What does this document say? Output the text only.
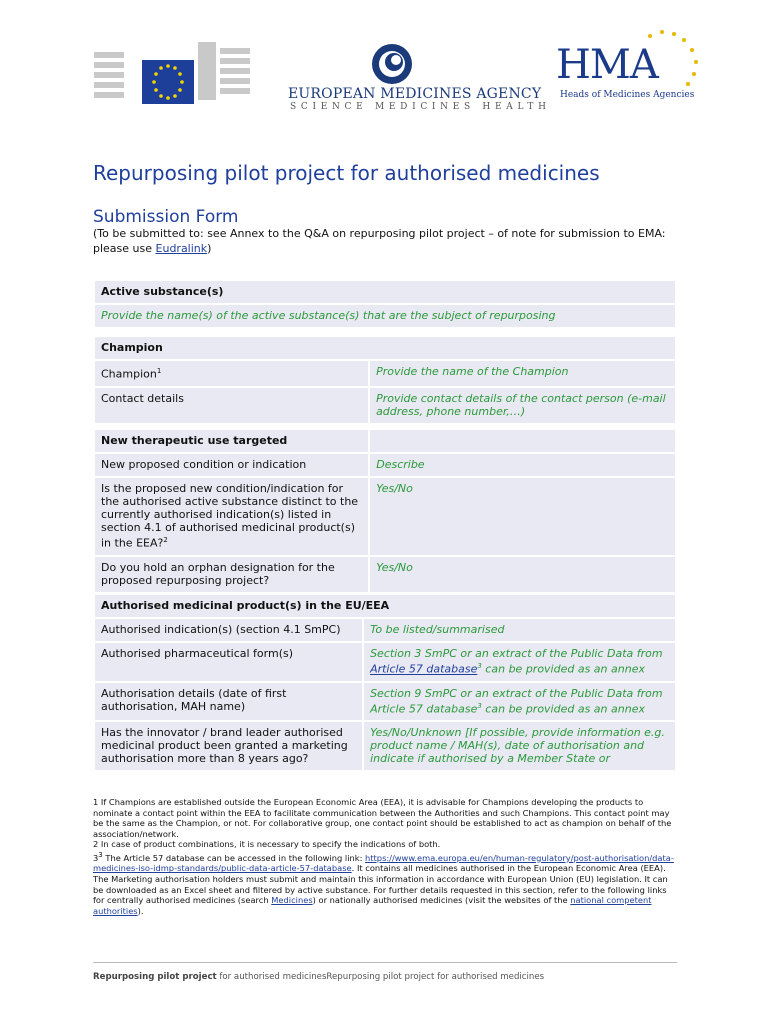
EUROPEAN MEDICINES AGENCY
SCIENCE MEDICINES HEALTH
HMA
Heads of Medicines Agencies
Repurposing pilot project for authorised medicines
Submission Form
(To be submitted to: see Annex to the Q&A on repurposing pilot project – of note for submission to EMA: please use Eudralink)
Active substance(s)
Provide the name(s) of the active substance(s) that are the subject of repurposing
Champion	
Champion$^1$	Provide the name of the Champion
Contact details	Provide contact details of the contact person (e-mail address, phone number,…)
New therapeutic use targeted	
New proposed condition or indication	Describe
Is the proposed new condition/indication for the authorised active substance distinct to the currently authorised indication(s) listed in section 4.1 of authorised medicinal product(s) in the EEA?$^2$	Yes/No
Do you hold an orphan designation for the proposed repurposing project?	Yes/No
Authorised medicinal product(s) in the EU/EEA	
Authorised indication(s) (section 4.1 SmPC)	To be listed/summarised
Authorised pharmaceutical form(s)	Section 3 SmPC or an extract of the Public Data from Article 57 database$^3$ can be provided as an annex
Authorisation details (date of first authorisation, MAH name)	Section 9 SmPC or an extract of the Public Data from Article 57 database$^3$ can be provided as an annex
Has the innovator / brand leader authorised medicinal product been granted a marketing authorisation more than 8 years ago?	Yes/No/Unknown [If possible, provide information e.g. product name / MAH(s), date of authorisation and indicate if authorised by a Member State or
1 If Champions are established outside the European Economic Area (EEA), it is advisable for Champions developing the products to nominate a contact point within the EEA to facilitate communication between the Authorities and such Champions. This contact point may be the same as the Champion, or not. For collaborative group, one contact point should be established to act as champion on behalf of the association/network.
2 In case of product combinations, it is necessary to specify the indications of both.
$3^3$ The Article 57 database can be accessed in the following link: https://www.ema.europa.eu/en/human-regulatory/post-authorisation/data-medicines-iso-idmp-standards/public-data-article-57-database. It contains all medicines authorised in the European Economic Area (EEA). The Marketing authorisation holders must submit and maintain this information in accordance with European Union (EU) legislation. It can be downloaded as an Excel sheet and filtered by active substance. For further details requested in this section, refer to the following links for centrally authorised medicines (search Medicines) or nationally authorised medicines (visit the websites of the national competent authorities).
Repurposing pilot project for authorised medicinesRepurposing pilot project for authorised medicines
